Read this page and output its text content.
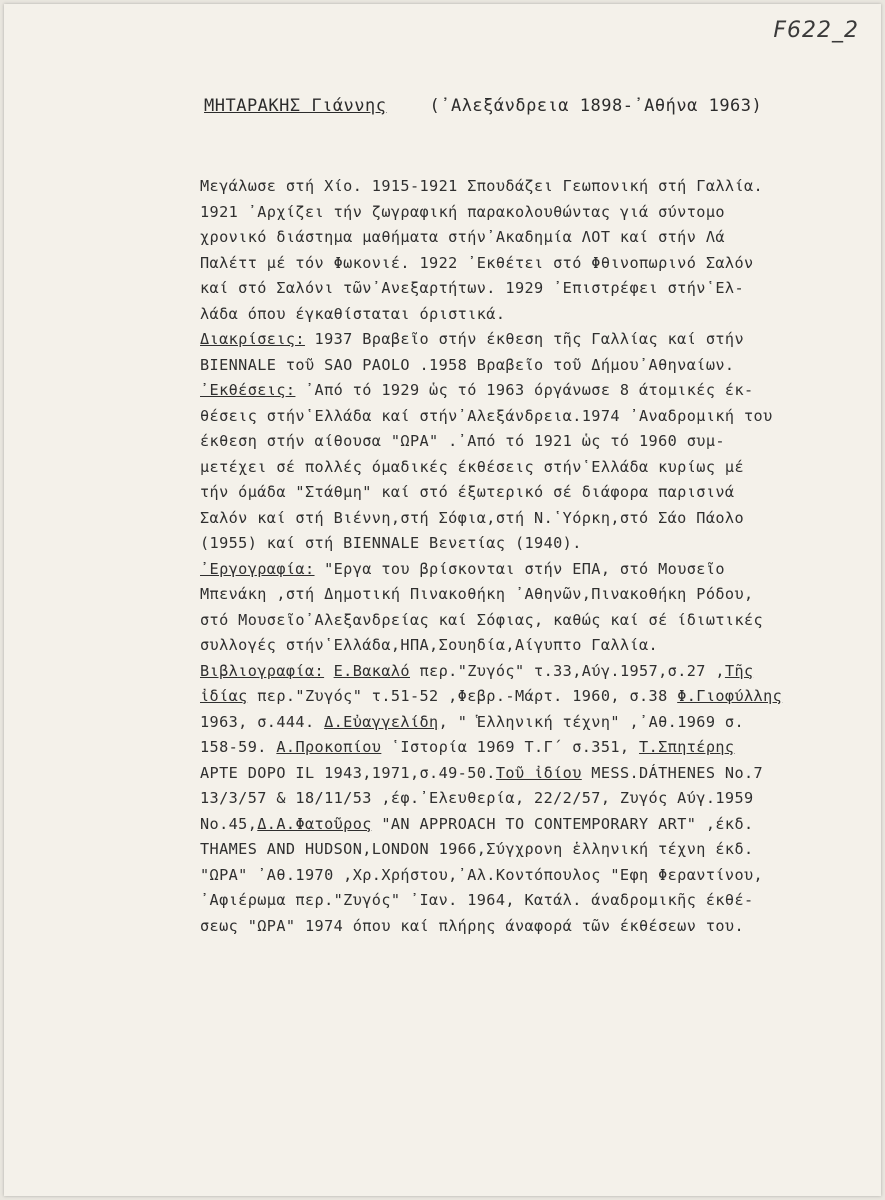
F622_2
ΜΗΤΑΡΑΚΗΣ Γιάννης	(᾿Αλεξάνδρεια 1898-᾿Αθήνα 1963)
Μεγάλωσε στή Χίο. 1915-1921 Σπουδάζει Γεωπονική στή Γαλλία.
1921 ᾿Αρχίζει τήν ζωγραφική παρακολουθώντας γιά σύντομο
χρονικό διάστημα μαθήματα στήν᾿Ακαδημία ΛΟΤ καί στήν Λά
Παλέττ μέ τόν Φωκονιέ. 1922 ᾿Εκθέτει στό Φθινοπωρινό Σαλόν
καί στό Σαλόνι τῶν᾿Ανεξαρτήτων. 1929 ᾿Επιστρέφει στήν῾Ελ-
λάδα όπου έγκαθίσταται όριστικά.
Διακρίσεις: 1937 Βραβεῖο στήν έκθεση τῆς Γαλλίας καί στήν
BIENNALE τοῦ SAO PAOLO .1958 Βραβεῖο τοῦ Δήμου᾿Αθηναίων.
᾿Εκθέσεις: ᾿Από τό 1929 ὡς τό 1963 όργάνωσε 8 άτομικές έκ-
θέσεις στήν῾Ελλάδα καί στήν᾿Αλεξάνδρεια.1974 ᾿Αναδρομική του
έκθεση στήν αίθουσα "ΩΡΑ" .᾿Από τό 1921 ὡς τό 1960 συμ-
μετέχει σέ πολλές όμαδικές έκθέσεις στήν῾Ελλάδα κυρίως μέ
τήν όμάδα "Στάθμη" καί στό έξωτερικό σέ διάφορα παρισινά
Σαλόν καί στή Βιέννη,στή Σόφια,στή Ν.῾Υόρκη,στό Σάο Πάολο
(1955) καί στή BIENNALE Βενετίας (1940).
᾿Εργογραφία: "Εργα του βρίσκονται στήν ΕΠΑ, στό Μουσεῖο
Μπενάκη ,στή Δημοτική Πινακοθήκη ᾿Αθηνῶν,Πινακοθήκη Ρόδου,
στό Μουσεῖο᾿Αλεξανδρείας καί Σόφιας, καθώς καί σέ ίδιωτικές
συλλογές στήν῾Ελλάδα,ΗΠΑ,Σουηδία,Αίγυπτο Γαλλία.
Βιβλιογραφία: Ε.Βακαλό περ."Ζυγός" τ.33,Αύγ.1957,σ.27 ,Τῆς
ἰδίας περ."Ζυγός" τ.51-52 ,Φεβρ.-Μάρτ. 1960, σ.38 Φ.Γιοφύλλης
1963, σ.444. Δ.Εὐαγγελίδη, " Ἑλληνική τέχνη" ,᾿Αθ.1969 σ.
158-59. Α.Προκοπίου ῾Ιστορία 1969 Τ.Γ΄ σ.351, Τ.Σπητέρης
APTE DOPO IL 1943,1971,σ.49-50.Τοῦ ἰδίου MESS.DÁTHENES No.7
13/3/57 & 18/11/53 ,έφ.᾿Ελευθερία, 22/2/57, Ζυγός Αύγ.1959
No.45,Δ.Α.Φατοῦρος "AN APPROACH TO CONTEMPORARY ART" ,έκδ.
THAMES AND HUDSON,LONDON 1966,Σύγχρονη ἑλληνική τέχνη έκδ.
"ΩΡΑ" ᾿Αθ.1970 ,Χρ.Χρήστου,᾿Αλ.Κοντόπουλος "Εφη Φεραντίνου,
᾿Αφιέρωμα περ."Ζυγός" ᾿Ιαν. 1964, Κατάλ. άναδρομικῆς έκθέ-
σεως "ΩΡΑ" 1974 όπου καί πλήρης άναφορά τῶν έκθέσεων του.
